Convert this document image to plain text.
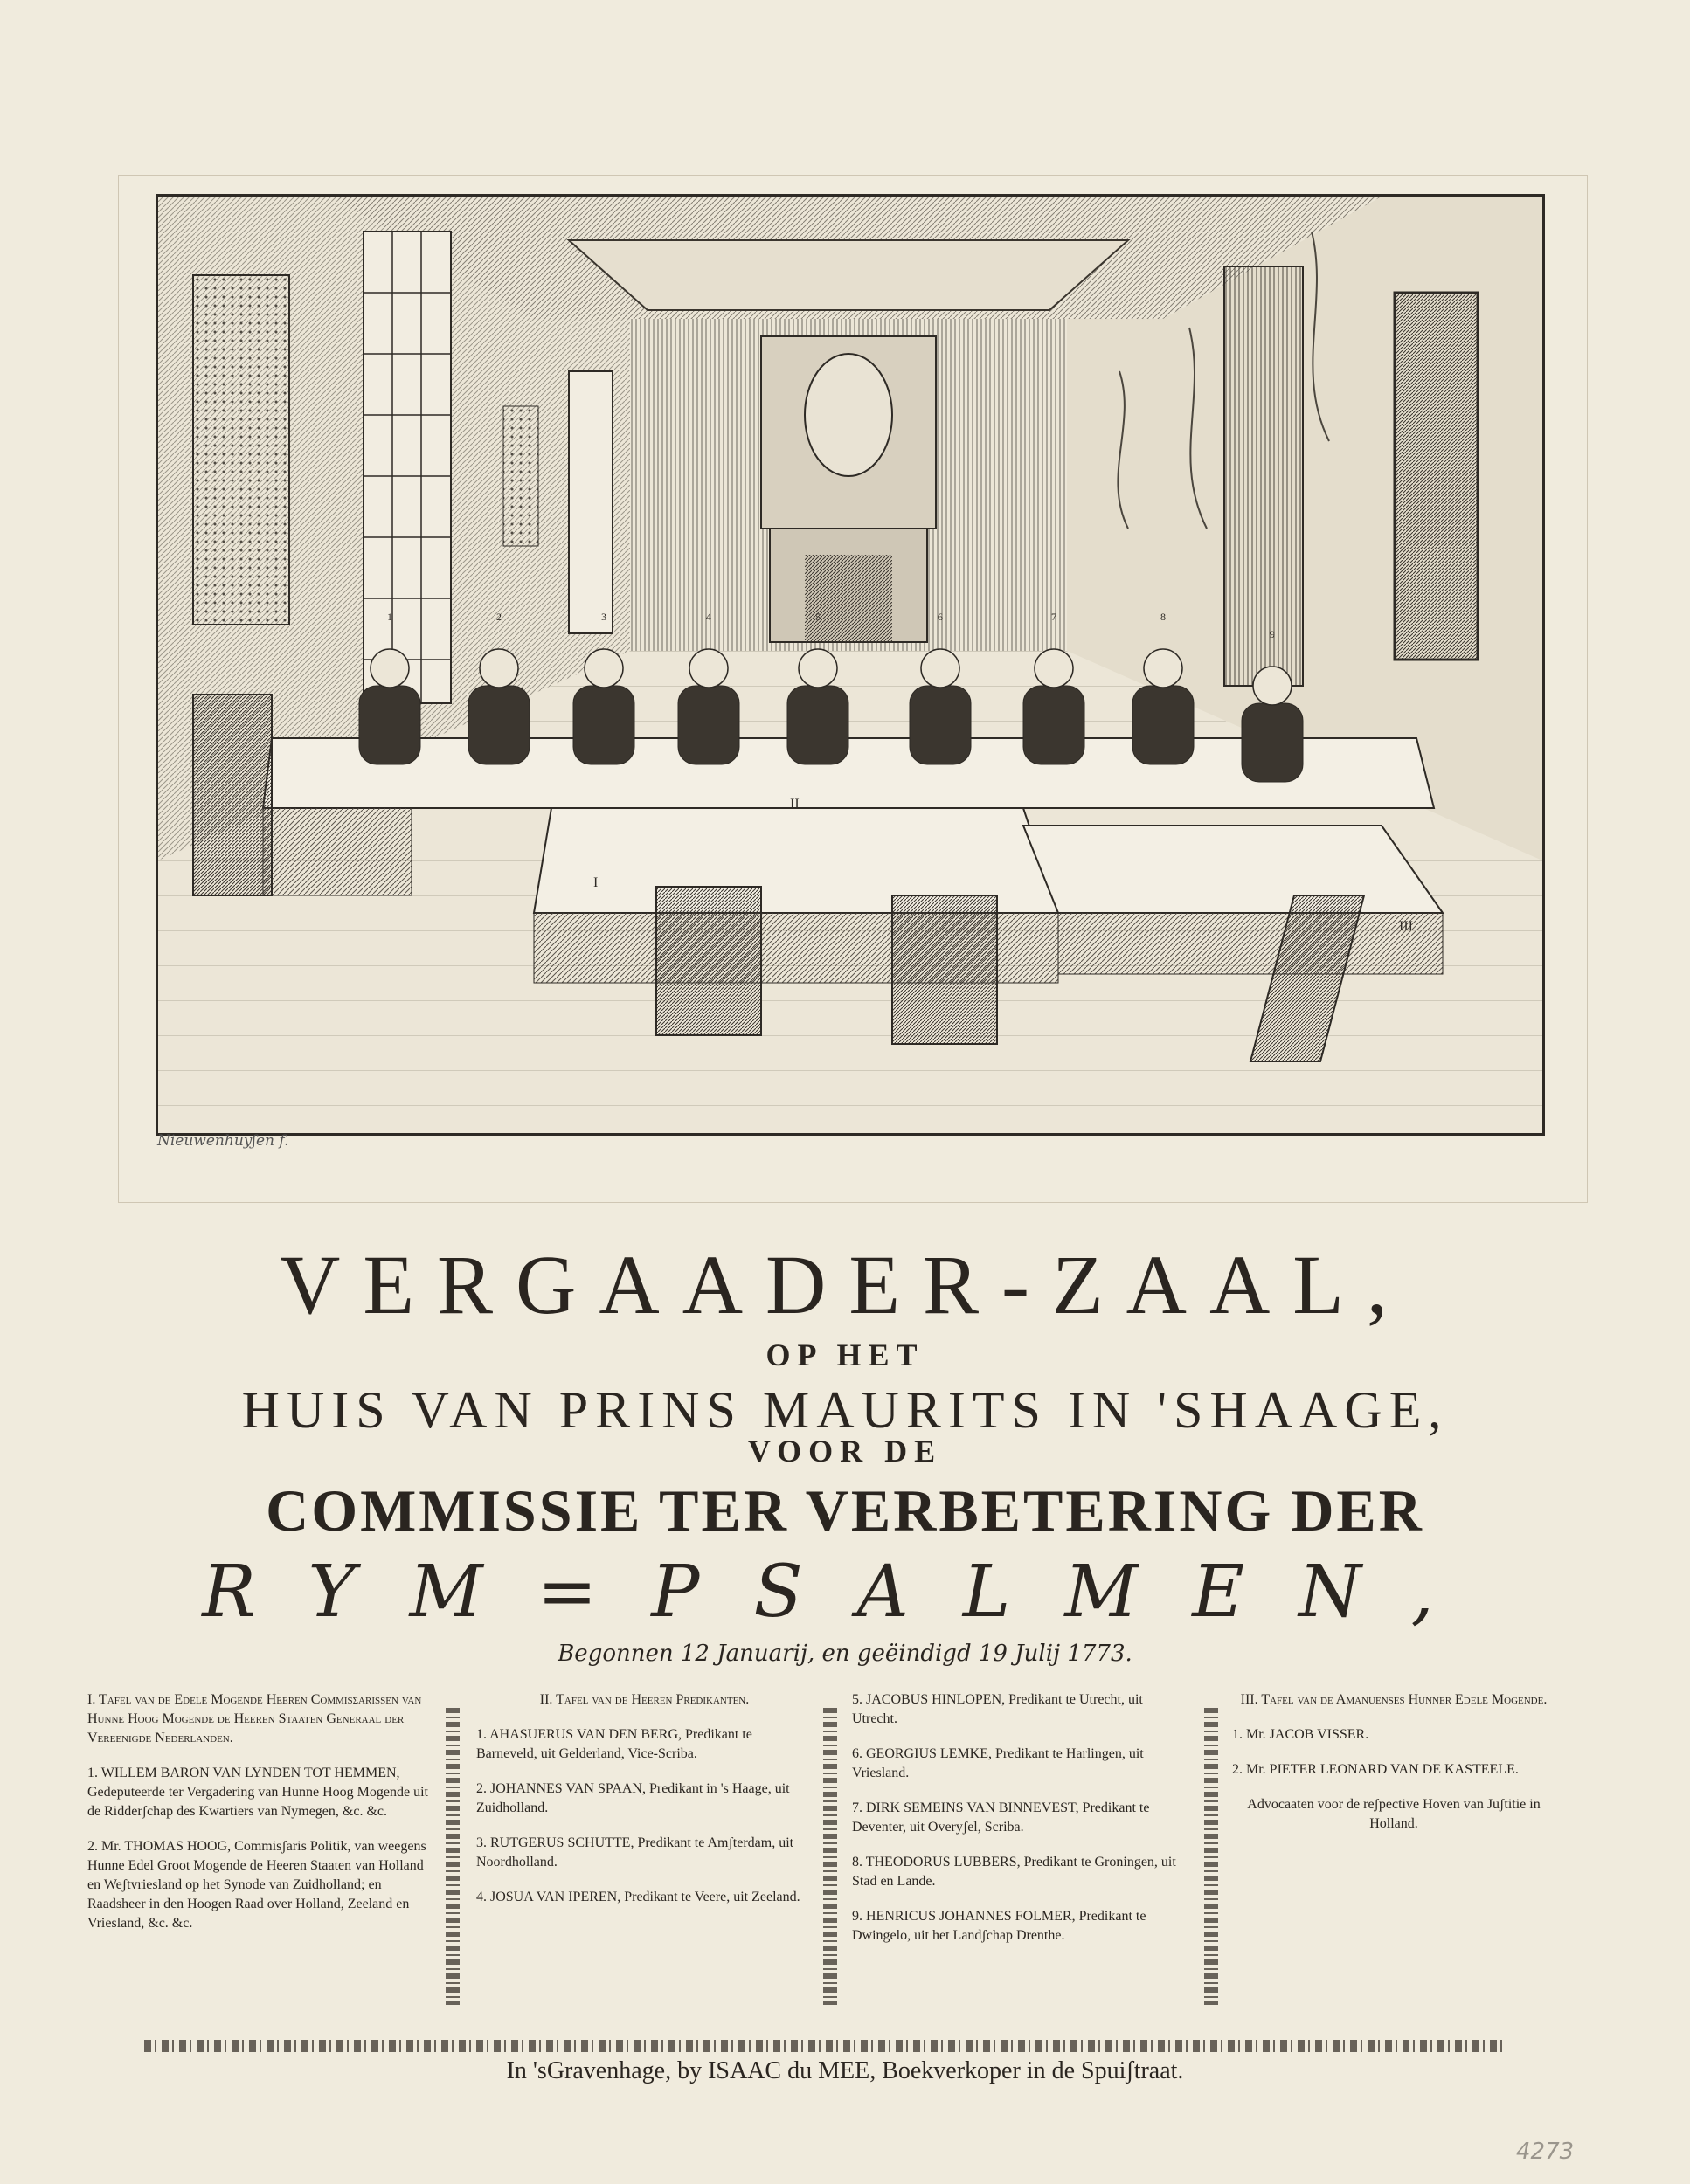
II
I
III
1	2	3	4	5	6	7	8
9
Nieuwenhuyʃen f.
VERGAADER-ZAAL,
OP HET
HUIS VAN PRINS MAURITS IN 'SHAAGE,
VOOR DE
COMMISSIE TER VERBETERING DER
RYM=PSALMEN,
Begonnen 12 Januarij, en geëindigd 19 Julij 1773.
I. Tafel van de Edele Mogende Heeren Commisʃarissen van Hunne Hoog Mogende de Heeren Staaten Generaal der Vereenigde Nederlanden.
1. WILLEM BARON VAN LYNDEN TOT HEMMEN, Gedeputeerde ter Vergadering van Hunne Hoog Mogende uit de Ridderʃchap des Kwartiers van Nymegen, &c. &c.
2. Mr. THOMAS HOOG, Commisʃaris Politik, van weegens Hunne Edel Groot Mogende de Heeren Staaten van Holland en Weʃtvriesland op het Synode van Zuidholland; en Raadsheer in den Hoogen Raad over Holland, Zeeland en Vriesland, &c. &c.
II. Tafel van de Heeren Predikanten.
1. AHASUERUS VAN DEN BERG, Predikant te Barneveld, uit Gelderland, Vice-Scriba.
2. JOHANNES VAN SPAAN, Predikant in 's Haage, uit Zuidholland.
3. RUTGERUS SCHUTTE, Predikant te Amʃterdam, uit Noordholland.
4. JOSUA VAN IPEREN, Predikant te Veere, uit Zeeland.
5. JACOBUS HINLOPEN, Predikant te Utrecht, uit Utrecht.
6. GEORGIUS LEMKE, Predikant te Harlingen, uit Vriesland.
7. DIRK SEMEINS VAN BINNEVEST, Predikant te Deventer, uit Overyʃel, Scriba.
8. THEODORUS LUBBERS, Predikant te Groningen, uit Stad en Lande.
9. HENRICUS JOHANNES FOLMER, Predikant te Dwingelo, uit het Landʃchap Drenthe.
III. Tafel van de Amanuenses Hunner Edele Mogende.
1. Mr. JACOB VISSER.
2. Mr. PIETER LEONARD VAN DE KASTEELE.
Advocaaten voor de reʃpective Hoven van Juʃtitie in Holland.
In 'sGravenhage, by ISAAC du MEE, Boekverkoper in de Spuiʃtraat.
4273
